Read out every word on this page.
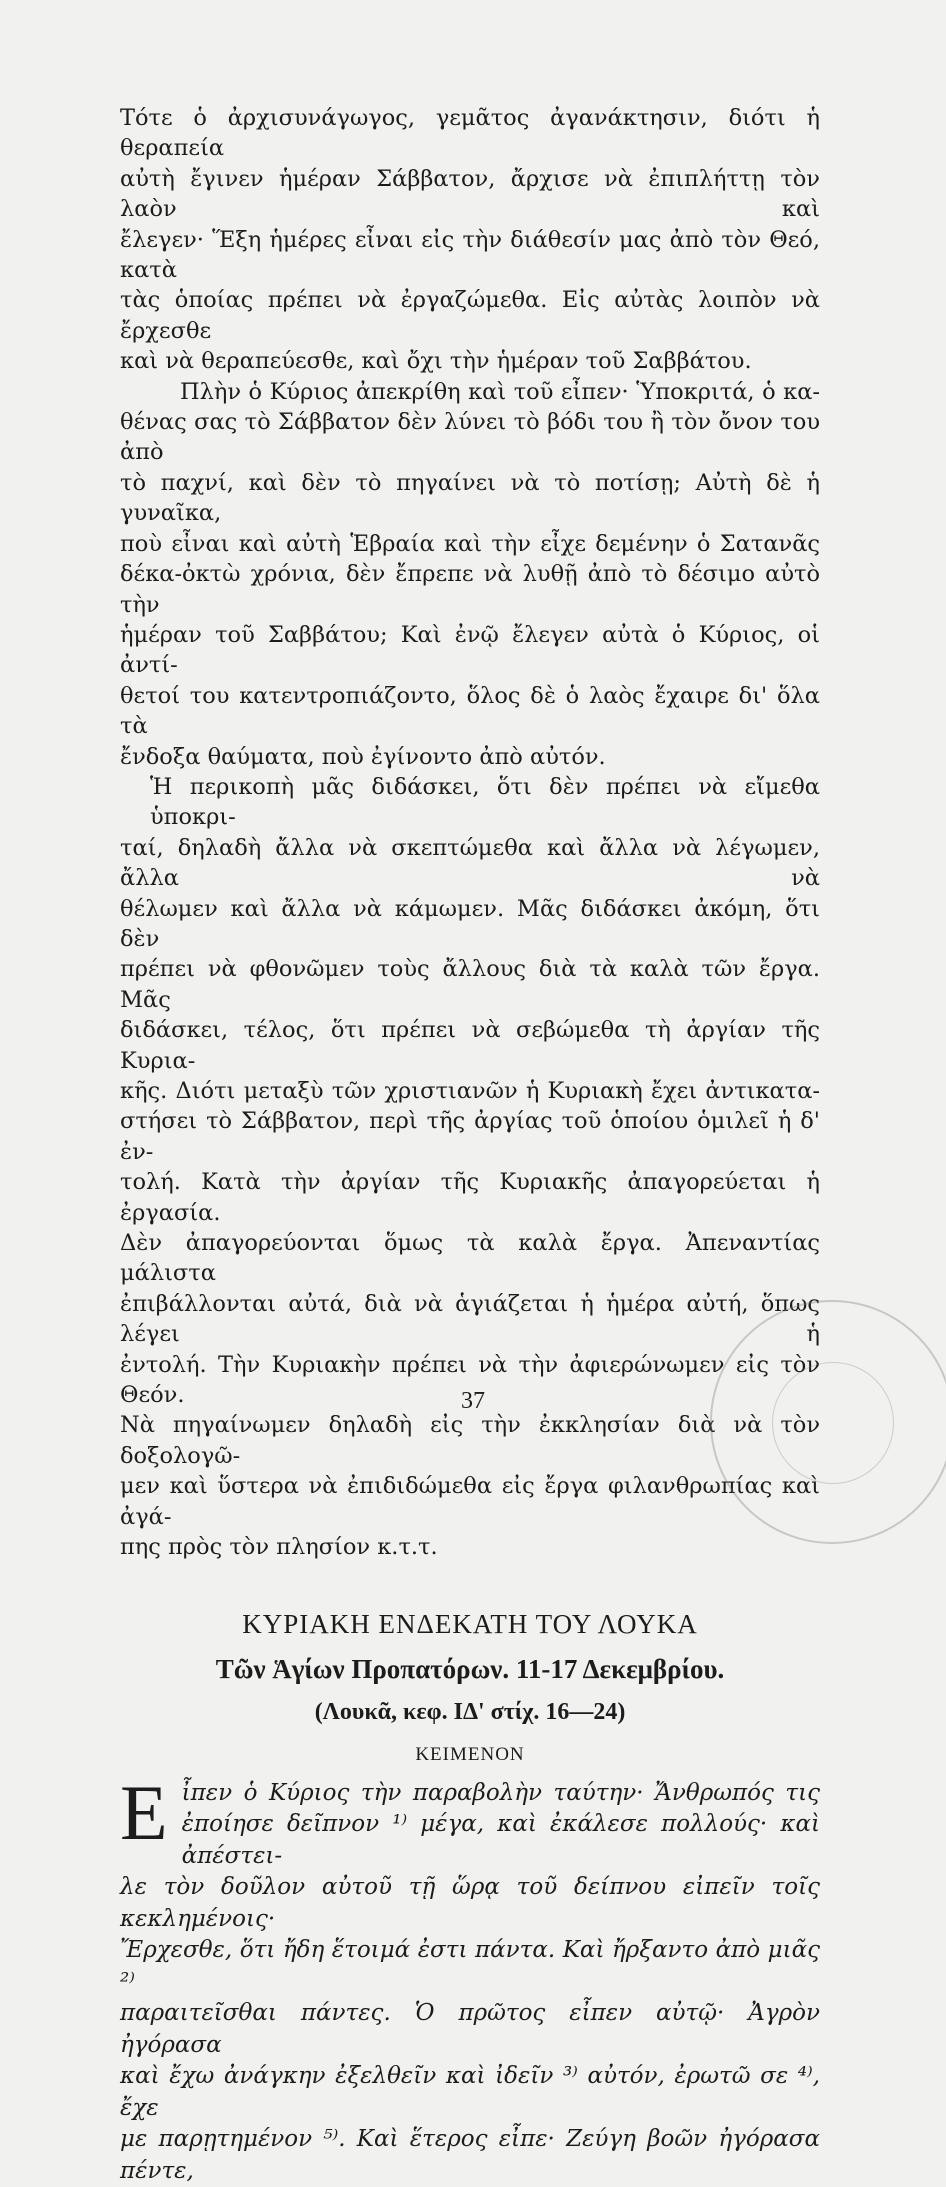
Τότε ὁ ἀρχισυνάγωγος, γεμᾶτος ἀγανάκτησιν, διότι ἡ θεραπεία
αὐτὴ ἔγινεν ἡμέραν Σάββατον, ἄρχισε νὰ ἐπιπλήττῃ τὸν λαὸν καὶ
ἔλεγεν· Ἕξη ἡμέρες εἶναι εἰς τὴν διάθεσίν μας ἀπὸ τὸν Θεό, κατὰ
τὰς ὁποίας πρέπει νὰ ἐργαζώμεθα. Εἰς αὐτὰς λοιπὸν νὰ ἔρχεσθε
καὶ νὰ θεραπεύεσθε, καὶ ὄχι τὴν ἡμέραν τοῦ Σαββάτου.

Πλὴν ὁ Κύριος ἀπεκρίθη καὶ τοῦ εἶπεν· Ὑποκριτά, ὁ κα-
θένας σας τὸ Σάββατον δὲν λύνει τὸ βόδι του ἢ τὸν ὄνον του ἀπὸ
τὸ παχνί, καὶ δὲν τὸ πηγαίνει νὰ τὸ ποτίσῃ; Αὐτὴ δὲ ἡ γυναῖκα,
ποὺ εἶναι καὶ αὐτὴ Ἑβραία καὶ τὴν εἶχε δεμένην ὁ Σατανᾶς
δέκα-ὀκτὼ χρόνια, δὲν ἔπρεπε νὰ λυθῇ ἀπὸ τὸ δέσιμο αὐτὸ τὴν
ἡμέραν τοῦ Σαββάτου; Καὶ ἐνῷ ἔλεγεν αὐτὰ ὁ Κύριος, οἱ ἀντί-
θετοί του κατεντροπιάζοντο, ὅλος δὲ ὁ λαὸς ἔχαιρε δι' ὅλα τὰ
ἔνδοξα θαύματα, ποὺ ἐγίνοντο ἀπὸ αὐτόν.

Ἡ περικοπὴ μᾶς διδάσκει, ὅτι δὲν πρέπει νὰ εἴμεθα ὑποκρι-
ταί, δηλαδὴ ἄλλα νὰ σκεπτώμεθα καὶ ἄλλα νὰ λέγωμεν, ἄλλα νὰ
θέλωμεν καὶ ἄλλα νὰ κάμωμεν. Μᾶς διδάσκει ἀκόμη, ὅτι δὲν
πρέπει νὰ φθονῶμεν τοὺς ἄλλους διὰ τὰ καλὰ τῶν ἔργα. Μᾶς
διδάσκει, τέλος, ὅτι πρέπει νὰ σεβώμεθα τὴ ἀργίαν τῆς Κυρια-
κῆς. Διότι μεταξὺ τῶν χριστιανῶν ἡ Κυριακὴ ἔχει ἀντικατα-
στήσει τὸ Σάββατον, περὶ τῆς ἀργίας τοῦ ὁποίου ὁμιλεῖ ἡ δ' ἐν-
τολή. Κατὰ τὴν ἀργίαν τῆς Κυριακῆς ἀπαγορεύεται ἡ ἐργασία.
Δὲν ἀπαγορεύονται ὅμως τὰ καλὰ ἔργα. Ἀπεναντίας μάλιστα
ἐπιβάλλονται αὐτά, διὰ νὰ ἁγιάζεται ἡ ἡμέρα αὐτή, ὅπως λέγει ἡ
ἐντολή. Τὴν Κυριακὴν πρέπει νὰ τὴν ἀφιερώνωμεν εἰς τὸν Θεόν.
Νὰ πηγαίνωμεν δηλαδὴ εἰς τὴν ἐκκλησίαν διὰ νὰ τὸν δοξολογῶ-
μεν καὶ ὕστερα νὰ ἐπιδιδώμεθα εἰς ἔργα φιλανθρωπίας καὶ ἀγά-
πης πρὸς τὸν πλησίον κ.τ.τ.

ΚΥΡΙΑΚΗ ΕΝΔΕΚΑΤΗ ΤΟΥ ΛΟΥΚΑ

Τῶν Ἁγίων Προπατόρων. 11-17 Δεκεμβρίου.

(Λουκᾶ, κεφ. ΙΔ' στίχ. 16—24)

ΚΕΙΜΕΝΟΝ

Ε ἶπεν ὁ Κύριος τὴν παραβολὴν ταύτην· Ἄνθρωπός τις
ἐποίησε δεῖπνον ¹⁾ μέγα, καὶ ἐκάλεσε πολλούς· καὶ ἀπέστει-
λε τὸν δοῦλον αὐτοῦ τῇ ὥρᾳ τοῦ δείπνου εἰπεῖν τοῖς κεκλημένοις·
Ἔρχεσθε, ὅτι ἤδη ἕτοιμά ἐστι πάντα. Καὶ ἤρξαντο ἀπὸ μιᾶς ²⁾
παραιτεῖσθαι πάντες. Ὁ πρῶτος εἶπεν αὐτῷ· Ἀγρὸν ἠγόρασα
καὶ ἔχω ἀνάγκην ἐξελθεῖν καὶ ἰδεῖν ³⁾ αὐτόν, ἐρωτῶ σε ⁴⁾, ἔχε
με παρῃτημένον ⁵⁾. Καὶ ἕτερος εἶπε· Ζεύγη βοῶν ἠγόρασα πέντε,
37
